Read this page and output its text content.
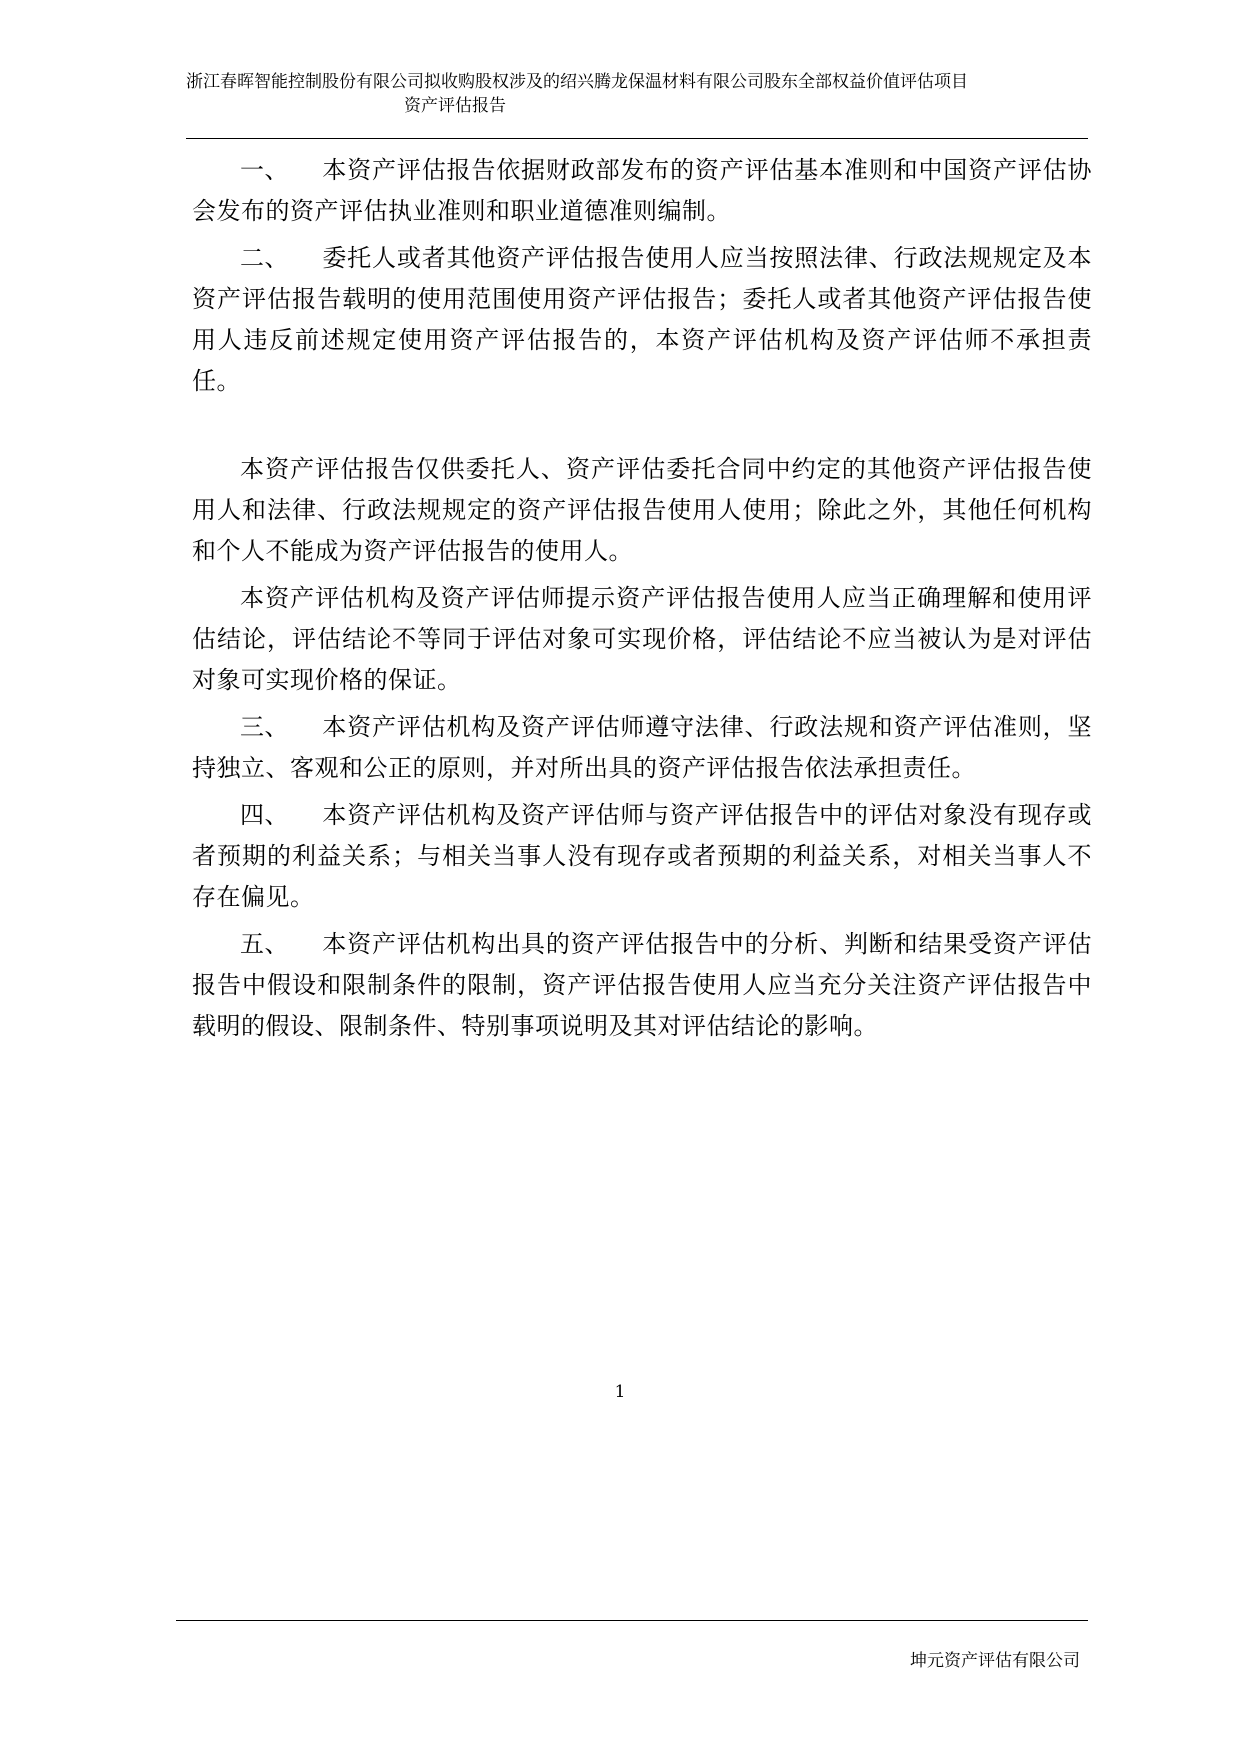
浙江春晖智能控制股份有限公司拟收购股权涉及的绍兴腾龙保温材料有限公司股东全部权益价值评估项目
资产评估报告

一、 本资产评估报告依据财政部发布的资产评估基本准则和中国资产评估协会发布的资产评估执业准则和职业道德准则编制。

二、 委托人或者其他资产评估报告使用人应当按照法律、行政法规规定及本资产评估报告载明的使用范围使用资产评估报告；委托人或者其他资产评估报告使用人违反前述规定使用资产评估报告的，本资产评估机构及资产评估师不承担责任。

本资产评估报告仅供委托人、资产评估委托合同中约定的其他资产评估报告使用人和法律、行政法规规定的资产评估报告使用人使用；除此之外，其他任何机构和个人不能成为资产评估报告的使用人。

本资产评估机构及资产评估师提示资产评估报告使用人应当正确理解和使用评估结论，评估结论不等同于评估对象可实现价格，评估结论不应当被认为是对评估对象可实现价格的保证。

三、 本资产评估机构及资产评估师遵守法律、行政法规和资产评估准则，坚持独立、客观和公正的原则，并对所出具的资产评估报告依法承担责任。

四、 本资产评估机构及资产评估师与资产评估报告中的评估对象没有现存或者预期的利益关系；与相关当事人没有现存或者预期的利益关系，对相关当事人不存在偏见。

五、 本资产评估机构出具的资产评估报告中的分析、判断和结果受资产评估报告中假设和限制条件的限制，资产评估报告使用人应当充分关注资产评估报告中载明的假设、限制条件、特别事项说明及其对评估结论的影响。

1
坤元资产评估有限公司
